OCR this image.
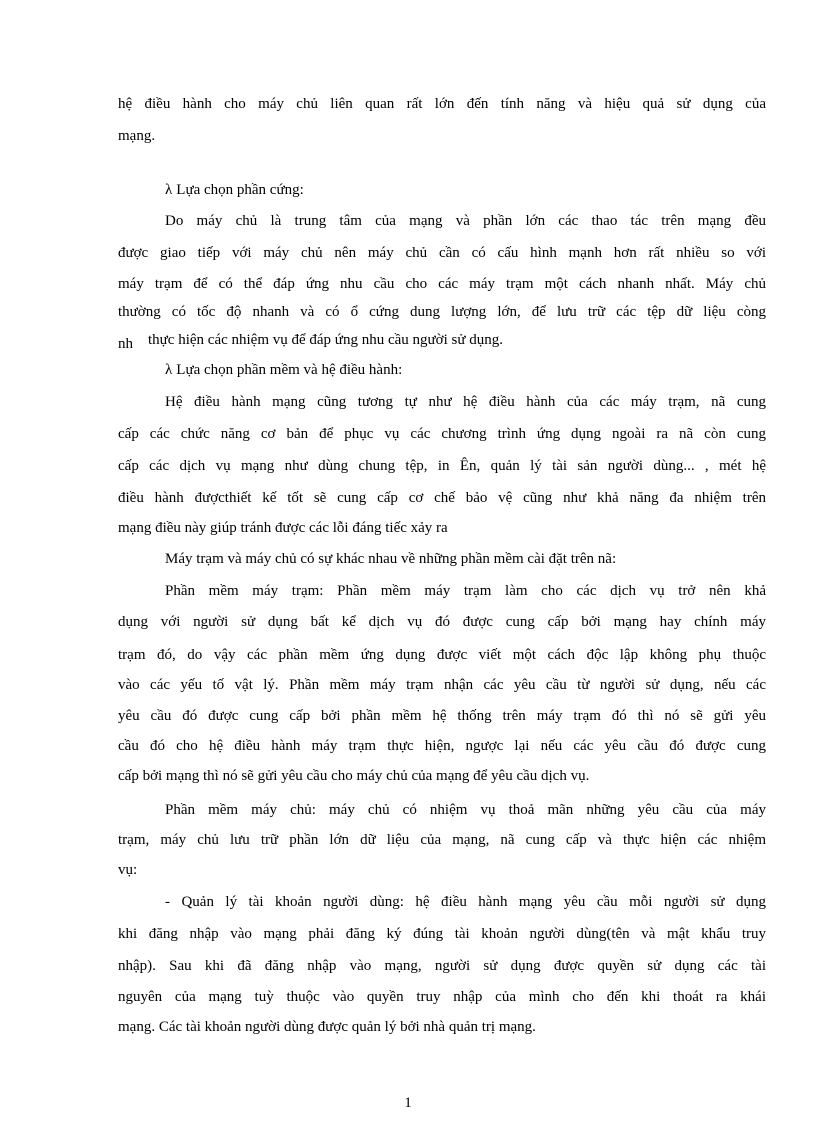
hệ điều hành cho máy chủ liên quan rất lớn đến tính năng và hiệu quả sử dụng của
mạng.
λ Lựa chọn phần cứng:
Do máy chủ là trung tâm của mạng và phần lớn các thao tác trên mạng đều
được giao tiếp với máy chủ nên máy chủ cần có cấu hình mạnh hơn rất nhiều so với
máy trạm để có thể đáp ứng nhu cầu cho các máy trạm một cách nhanh nhất. Máy chủ
thường có tốc độ nhanh và có ổ cứng dung lượng lớn, để lưu trữ các tệp dữ liệu còng
nh thực hiện các nhiệm vụ để đáp ứng nhu cầu người sử dụng.
λ Lựa chọn phần mềm và hệ điều hành:
Hệ điều hành mạng cũng tương tự như hệ điều hành của các máy trạm, nã cung
cấp các chức năng cơ bản để phục vụ các chương trình ứng dụng ngoài ra nã còn cung
cấp các dịch vụ mạng như dùng chung tệp, in Ên, quản lý tài sản người dùng... , mét hệ
điều hành đượcthiết kế tốt sẽ cung cấp cơ chế bảo vệ cũng như khả năng đa nhiệm trên
mạng điều này giúp tránh được các lỗi đáng tiếc xảy ra
Máy trạm và máy chủ có sự khác nhau về những phần mềm cài đặt trên nã:
Phần mềm máy trạm: Phần mềm máy trạm làm cho các dịch vụ trở nên khả
dụng với người sử dụng bất kể dịch vụ đó được cung cấp bởi mạng hay chính máy
trạm đó, do vậy các phần mềm ứng dụng được viết một cách độc lập không phụ thuộc
vào các yếu tố vật lý. Phần mềm máy trạm nhận các yêu cầu từ người sử dụng, nếu các
yêu cầu đó được cung cấp bởi phần mềm hệ thống trên máy trạm đó thì nó sẽ gửi yêu
cầu đó cho hệ điều hành máy trạm thực hiện, ngược lại nếu các yêu cầu đó được cung
cấp bởi mạng thì nó sẽ gửi yêu cầu cho máy chủ của mạng để yêu cầu dịch vụ.
Phần mềm máy chủ: máy chủ có nhiệm vụ thoả mãn những yêu cầu của máy
trạm, máy chủ lưu trữ phần lớn dữ liệu của mạng, nã cung cấp và thực hiện các nhiệm
vụ:
- Quản lý tài khoản người dùng: hệ điều hành mạng yêu cầu mỗi người sử dụng
khi đăng nhập vào mạng phải đăng ký đúng tài khoản người dùng(tên và mật khẩu truy
nhập). Sau khi đã đăng nhập vào mạng, người sử dụng được quyền sử dụng các tài
nguyên của mạng tuỳ thuộc vào quyền truy nhập của mình cho đến khi thoát ra khái
mạng. Các tài khoản người dùng được quản lý bởi nhà quản trị mạng.
1
